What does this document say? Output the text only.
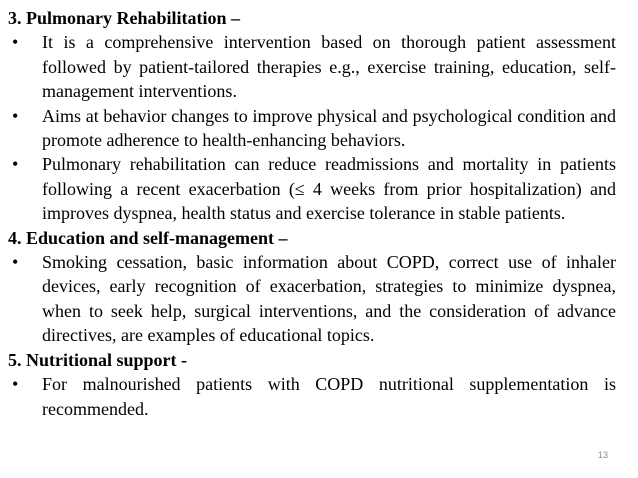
3. Pulmonary Rehabilitation –

• It is a comprehensive intervention based on thorough patient assessment followed by patient-tailored therapies e.g., exercise training, education, self-management interventions.

• Aims at behavior changes to improve physical and psychological condition and promote adherence to health-enhancing behaviors.

• Pulmonary rehabilitation can reduce readmissions and mortality in patients following a recent exacerbation (≤ 4 weeks from prior hospitalization) and improves dyspnea, health status and exercise tolerance in stable patients.

4. Education and self-management –

• Smoking cessation, basic information about COPD, correct use of inhaler devices, early recognition of exacerbation, strategies to minimize dyspnea, when to seek help, surgical interventions, and the consideration of advance directives, are examples of educational topics.

5. Nutritional support -

• For malnourished patients with COPD nutritional supplementation is recommended.

13
